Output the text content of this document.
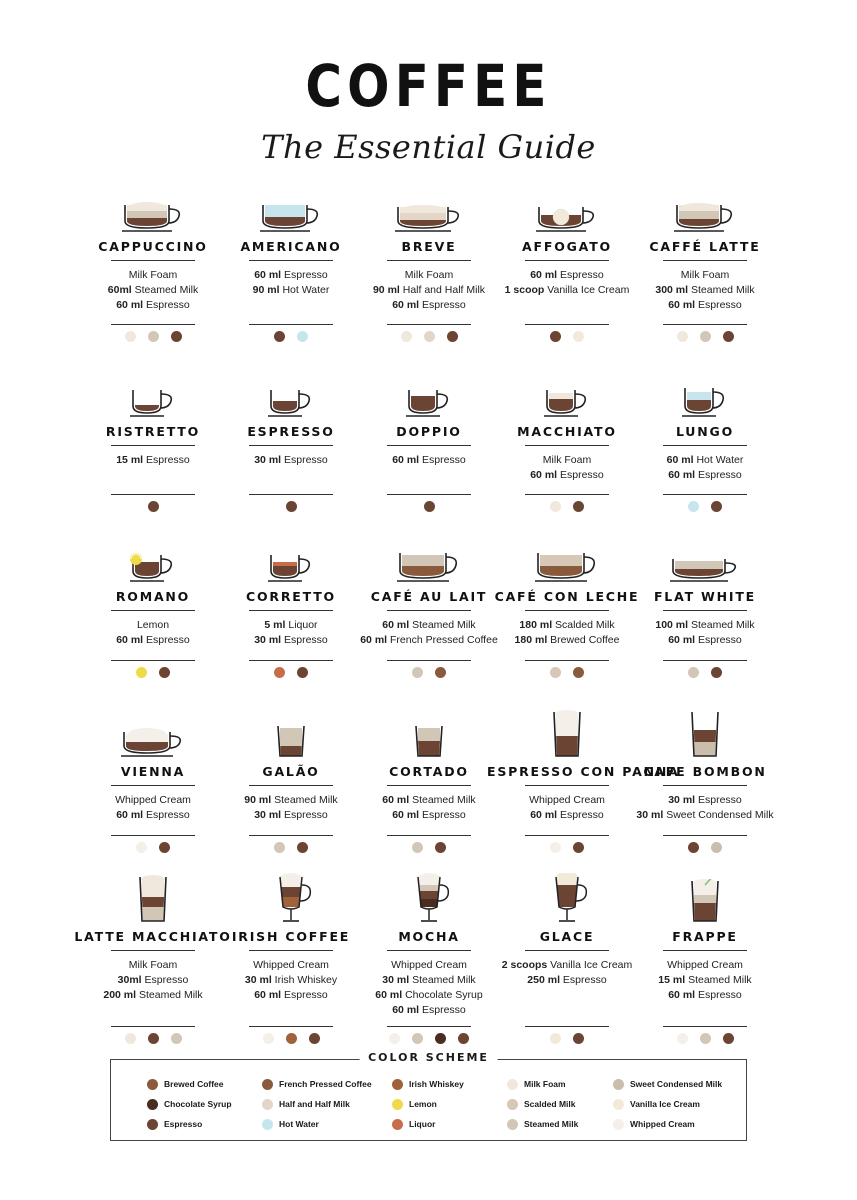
COFFEE
The Essential Guide
CAPPUCCINO
Milk Foam
60ml Steamed Milk
60 ml Espresso
AMERICANO
60 ml Espresso
90 ml Hot Water
BREVE
Milk Foam
90 ml Half and Half Milk
60 ml Espresso
AFFOGATO
60 ml Espresso
1 scoop Vanilla Ice Cream
CAFFÉ LATTE
Milk Foam
300 ml Steamed Milk
60 ml Espresso
RISTRETTO
15 ml Espresso
ESPRESSO
30 ml Espresso
DOPPIO
60 ml Espresso
MACCHIATO
Milk Foam
60 ml Espresso
LUNGO
60 ml Hot Water
60 ml Espresso
ROMANO
Lemon
60 ml Espresso
CORRETTO
5 ml Liquor
30 ml Espresso
CAFÉ AU LAIT
60 ml Steamed Milk
60 ml French Pressed Coffee
CAFÉ CON LECHE
180 ml Scalded Milk
180 ml Brewed Coffee
FLAT WHITE
100 ml Steamed Milk
60 ml Espresso
VIENNA
Whipped Cream
60 ml Espresso
GALÃO
90 ml Steamed Milk
30 ml Espresso
CORTADO
60 ml Steamed Milk
60 ml Espresso
ESPRESSO CON PANNA
Whipped Cream
60 ml Espresso
CAFE BOMBON
30 ml Espresso
30 ml Sweet Condensed Milk
LATTE MACCHIATO
Milk Foam
30ml Espresso
200 ml Steamed Milk
IRISH COFFEE
Whipped Cream
30 ml Irish Whiskey
60 ml Espresso
MOCHA
Whipped Cream
30 ml Steamed Milk
60 ml Chocolate Syrup
60 ml Espresso
GLACE
2 scoops Vanilla Ice Cream
250 ml Espresso
FRAPPE
Whipped Cream
15 ml Steamed Milk
60 ml Espresso
COLOR SCHEME
Brewed Coffee	French Pressed Coffee	Irish Whiskey	Milk Foam	Sweet Condensed Milk
Chocolate Syrup	Half and Half Milk	Lemon	Scalded Milk	Vanilla Ice Cream
Espresso	Hot Water	Liquor	Steamed Milk	Whipped Cream
